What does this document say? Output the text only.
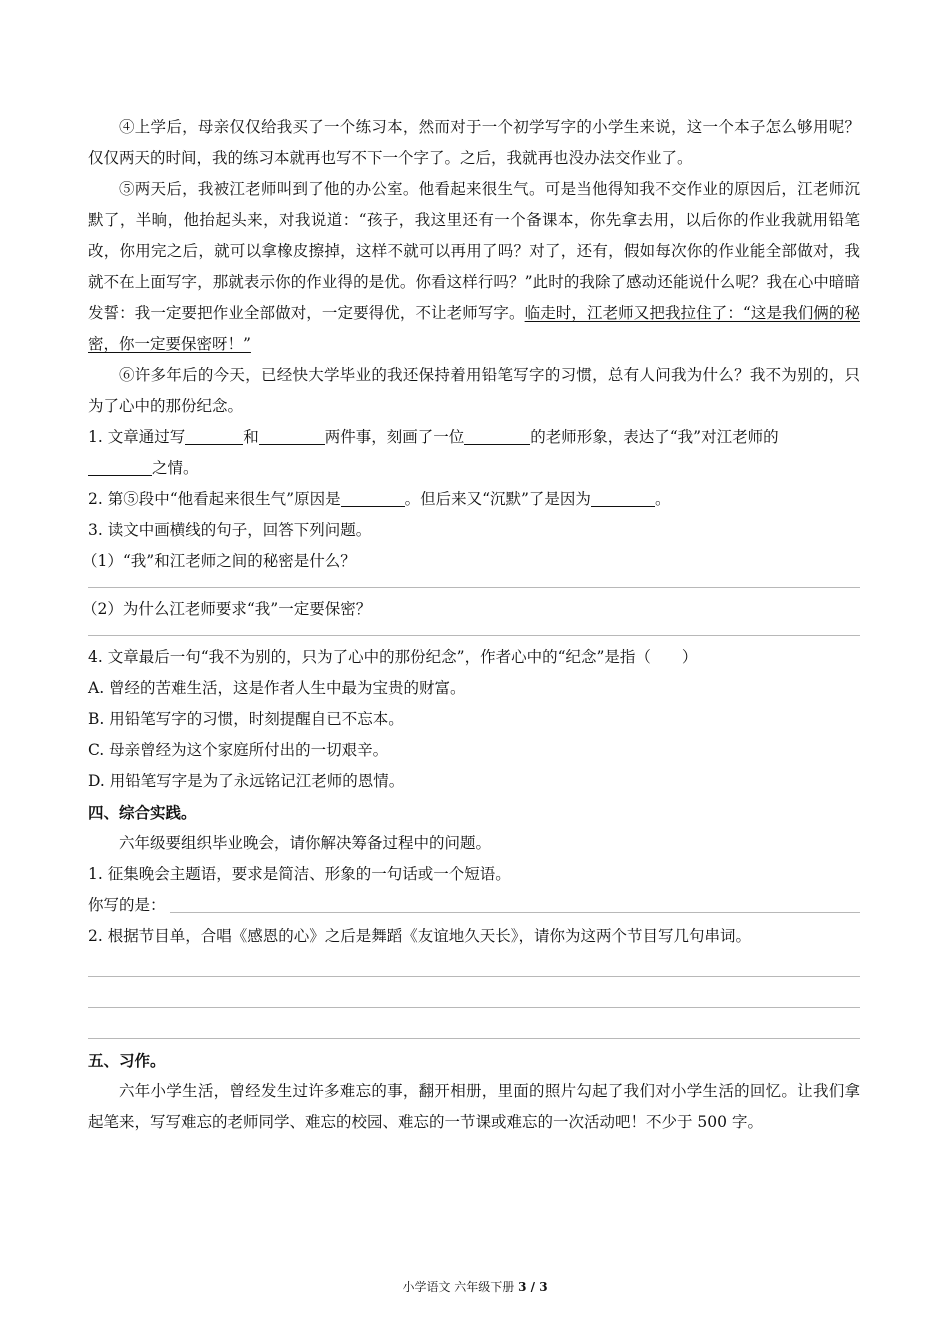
④上学后，母亲仅仅给我买了一个练习本，然而对于一个初学写字的小学生来说，这一个本子怎么够用呢？仅仅两天的时间，我的练习本就再也写不下一个字了。之后，我就再也没办法交作业了。

⑤两天后，我被江老师叫到了他的办公室。他看起来很生气。可是当他得知我不交作业的原因后，江老师沉默了，半晌，他抬起头来，对我说道：“孩子，我这里还有一个备课本，你先拿去用，以后你的作业我就用铅笔改，你用完之后，就可以拿橡皮擦掉，这样不就可以再用了吗？对了，还有，假如每次你的作业能全部做对，我就不在上面写字，那就表示你的作业得的是优。你看这样行吗？”此时的我除了感动还能说什么呢？我在心中暗暗发誓：我一定要把作业全部做对，一定要得优，不让老师写字。临走时，江老师又把我拉住了：“这是我们俩的秘密，你一定要保密呀！”

⑥许多年后的今天，已经快大学毕业的我还保持着用铅笔写字的习惯，总有人问我为什么？我不为别的，只为了心中的那份纪念。

1. 文章通过写	和	两件事，刻画了一位	的老师形象，表达了“我”对江老师的

之情。

2. 第⑤段中“他看起来很生气”原因是	。但后来又“沉默”了是因为	。

3. 读文中画横线的句子，回答下列问题。

（1）“我”和江老师之间的秘密是什么？

（2）为什么江老师要求“我”一定要保密？

4. 文章最后一句“我不为别的，只为了心中的那份纪念”，作者心中的“纪念”是指（　　）

A. 曾经的苦难生活，这是作者人生中最为宝贵的财富。

B. 用铅笔写字的习惯，时刻提醒自已不忘本。

C. 母亲曾经为这个家庭所付出的一切艰辛。

D. 用铅笔写字是为了永远铭记江老师的恩情。

四、综合实践。

六年级要组织毕业晚会，请你解决筹备过程中的问题。

1. 征集晚会主题语，要求是简洁、形象的一句话或一个短语。

你写的是：

2. 根据节目单，合唱《感恩的心》之后是舞蹈《友谊地久天长》，请你为这两个节目写几句串词。

五、习作。

六年小学生活，曾经发生过许多难忘的事，翻开相册，里面的照片勾起了我们对小学生活的回忆。让我们拿起笔来，写写难忘的老师同学、难忘的校园、难忘的一节课或难忘的一次活动吧！不少于 500 字。

小学语文 六年级下册 3 / 3
